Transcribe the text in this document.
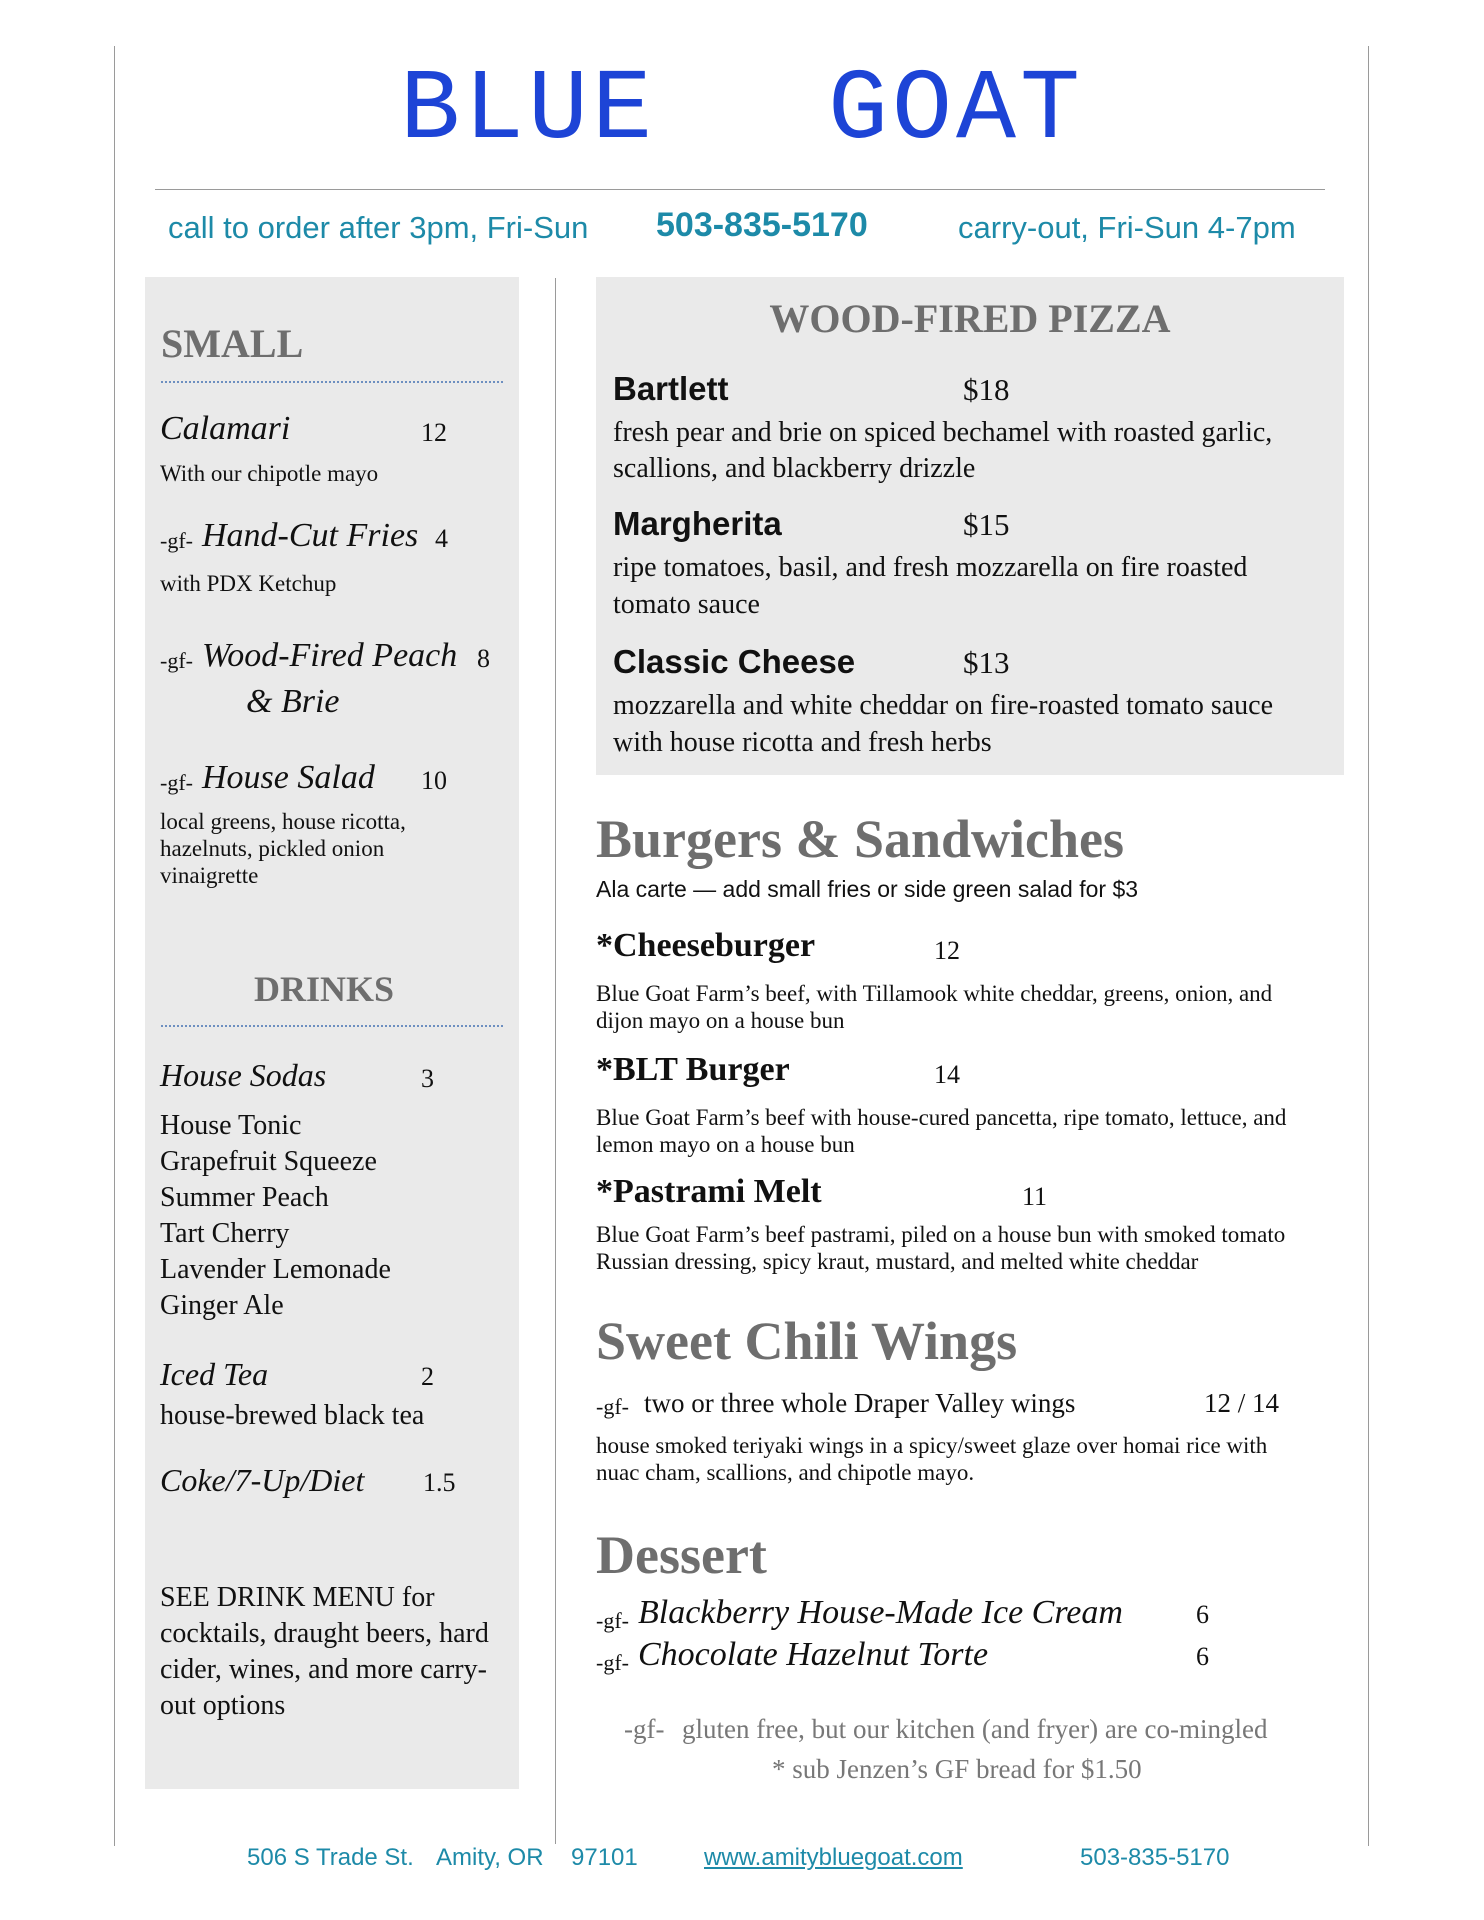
BLUE  GOAT
call to order after 3pm, Fri-Sun 503-835-5170	carry-out, Fri-Sun 4-7pm
SMALL
Calamari	12
With our chipotle mayo
-gf- Hand-Cut Fries 4
with PDX Ketchup
-gf- Wood-Fired Peach 8
& Brie
-gf- House Salad 10
local greens, house ricotta,
hazelnuts, pickled onion
vinaigrette
DRINKS
House Sodas	3
House Tonic
Grapefruit Squeeze
Summer Peach
Tart Cherry
Lavender Lemonade
Ginger Ale
Iced Tea	2
house-brewed black tea
Coke/7-Up/Diet 1.5
SEE DRINK MENU for
cocktails, draught beers, hard
cider, wines, and more carry-
out options
WOOD-FIRED PIZZA
Bartlett	$18
fresh pear and brie on spiced bechamel with roasted garlic,
scallions, and blackberry drizzle
Margherita	$15
ripe tomatoes, basil, and fresh mozzarella on fire roasted
tomato sauce
Classic Cheese	$13
mozzarella and white cheddar on fire-roasted tomato sauce
with house ricotta and fresh herbs
Burgers & Sandwiches
Ala carte — add small fries or side green salad for $3
*Cheeseburger	12
Blue Goat Farm’s beef, with Tillamook white cheddar, greens, onion, and
dijon mayo on a house bun
*BLT Burger	14
Blue Goat Farm’s beef with house-cured pancetta, ripe tomato, lettuce, and
lemon mayo on a house bun
*Pastrami Melt	11
Blue Goat Farm’s beef pastrami, piled on a house bun with smoked tomato
Russian dressing, spicy kraut, mustard, and melted white cheddar
Sweet Chili Wings
-gf- two or three whole Draper Valley wings	12 / 14
house smoked teriyaki wings in a spicy/sweet glaze over homai rice with
nuac cham, scallions, and chipotle mayo.
Dessert
-gf- Blackberry House-Made Ice Cream	6
-gf- Chocolate Hazelnut Torte	6
-gf- gluten free, but our kitchen (and fryer) are co-mingled
* sub Jenzen’s GF bread for $1.50
506 S Trade St. Amity, OR 97101	www.amitybluegoat.com	503-835-5170
